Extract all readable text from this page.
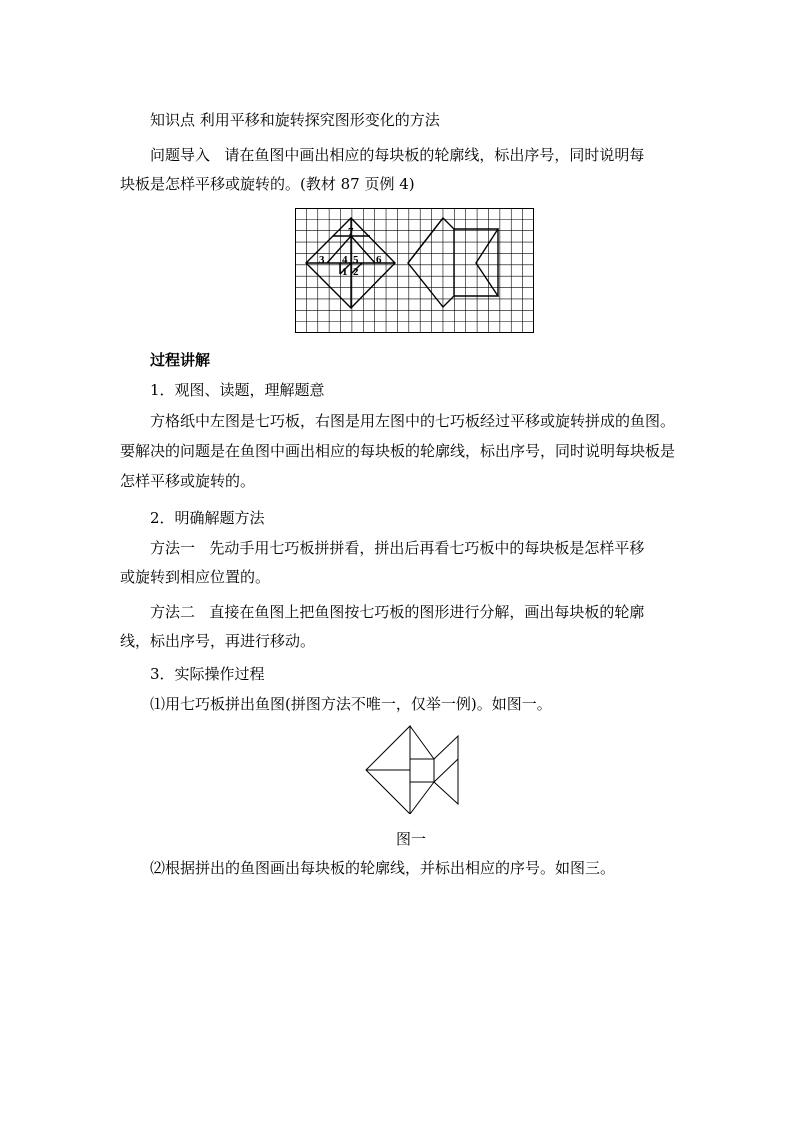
知识点 利用平移和旋转探究图形变化的方法
问题导入 请在鱼图中画出相应的每块板的轮廓线，标出序号，同时说明每
块板是怎样平移或旋转的。(教材 87 页例 4)
7
3 4 5 6
1 2
过程讲解
1．观图、读题，理解题意
方格纸中左图是七巧板，右图是用左图中的七巧板经过平移或旋转拼成的鱼图。要解决的问题是在鱼图中画出相应的每块板的轮廓线，标出序号，同时说明每块板是怎样平移或旋转的。
2．明确解题方法
方法一 先动手用七巧板拼拼看，拼出后再看七巧板中的每块板是怎样平移
或旋转到相应位置的。
方法二 直接在鱼图上把鱼图按七巧板的图形进行分解，画出每块板的轮廓
线，标出序号，再进行移动。
3．实际操作过程
⑴用七巧板拼出鱼图(拼图方法不唯一，仅举一例)。如图一。
图一
⑵根据拼出的鱼图画出每块板的轮廓线，并标出相应的序号。如图三。
